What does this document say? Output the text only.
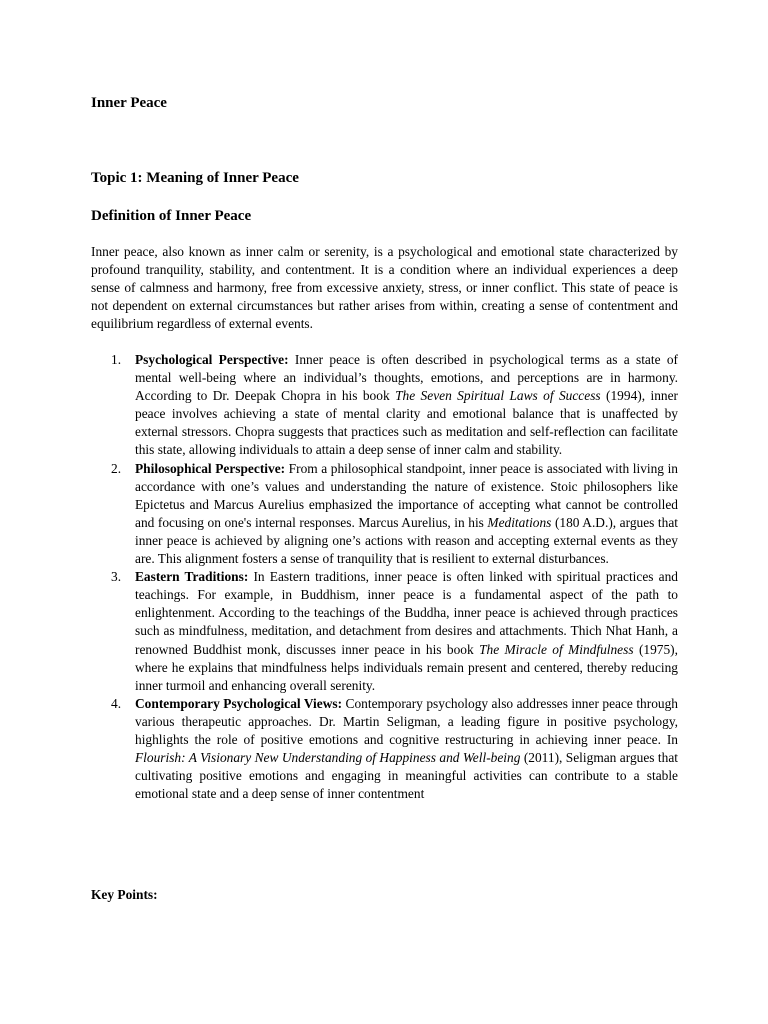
Inner Peace
Topic 1: Meaning of Inner Peace
Definition of Inner Peace

Inner peace, also known as inner calm or serenity, is a psychological and emotional state characterized by profound tranquility, stability, and contentment. It is a condition where an individual experiences a deep sense of calmness and harmony, free from excessive anxiety, stress, or inner conflict. This state of peace is not dependent on external circumstances but rather arises from within, creating a sense of contentment and equilibrium regardless of external events.

1. Psychological Perspective: Inner peace is often described in psychological terms as a state of mental well-being where an individual’s thoughts, emotions, and perceptions are in harmony. According to Dr. Deepak Chopra in his book The Seven Spiritual Laws of Success (1994), inner peace involves achieving a state of mental clarity and emotional balance that is unaffected by external stressors. Chopra suggests that practices such as meditation and self-reflection can facilitate this state, allowing individuals to attain a deep sense of inner calm and stability.
2. Philosophical Perspective: From a philosophical standpoint, inner peace is associated with living in accordance with one’s values and understanding the nature of existence. Stoic philosophers like Epictetus and Marcus Aurelius emphasized the importance of accepting what cannot be controlled and focusing on one's internal responses. Marcus Aurelius, in his Meditations (180 A.D.), argues that inner peace is achieved by aligning one’s actions with reason and accepting external events as they are. This alignment fosters a sense of tranquility that is resilient to external disturbances.
3. Eastern Traditions: In Eastern traditions, inner peace is often linked with spiritual practices and teachings. For example, in Buddhism, inner peace is a fundamental aspect of the path to enlightenment. According to the teachings of the Buddha, inner peace is achieved through practices such as mindfulness, meditation, and detachment from desires and attachments. Thich Nhat Hanh, a renowned Buddhist monk, discusses inner peace in his book The Miracle of Mindfulness (1975), where he explains that mindfulness helps individuals remain present and centered, thereby reducing inner turmoil and enhancing overall serenity.
4. Contemporary Psychological Views: Contemporary psychology also addresses inner peace through various therapeutic approaches. Dr. Martin Seligman, a leading figure in positive psychology, highlights the role of positive emotions and cognitive restructuring in achieving inner peace. In Flourish: A Visionary New Understanding of Happiness and Well-being (2011), Seligman argues that cultivating positive emotions and engaging in meaningful activities can contribute to a stable emotional state and a deep sense of inner contentment

Key Points:
